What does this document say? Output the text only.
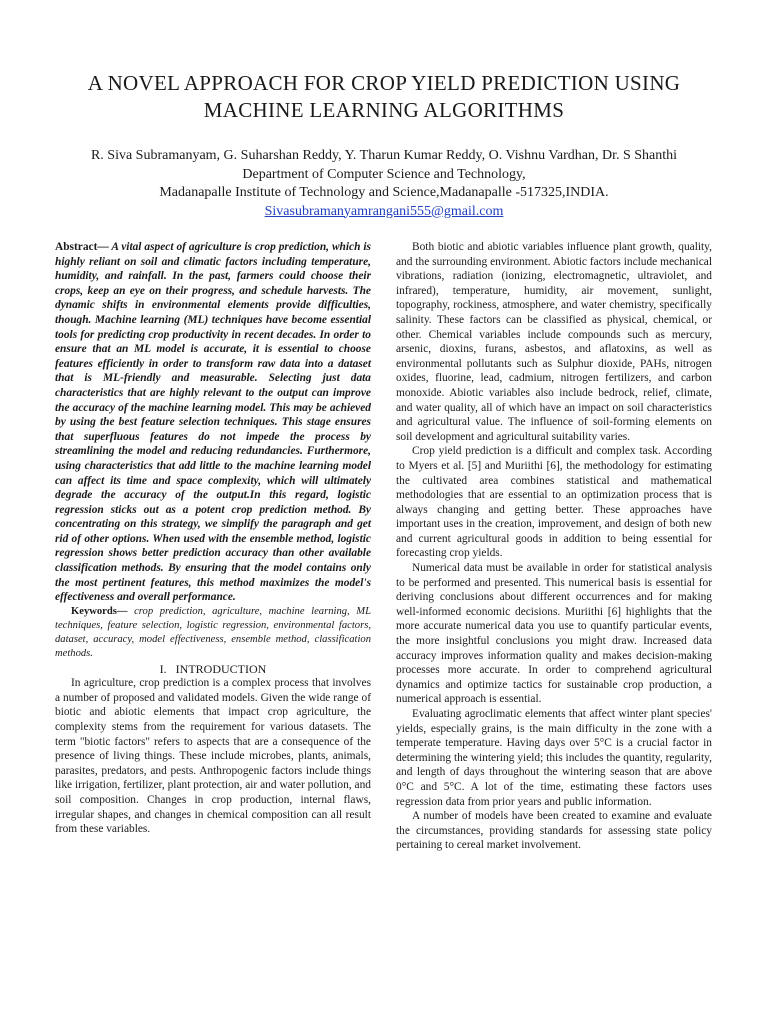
A NOVEL APPROACH FOR CROP YIELD PREDICTION USING MACHINE LEARNING ALGORITHMS
R. Siva Subramanyam, G. Suharshan Reddy, Y. Tharun Kumar Reddy, O. Vishnu Vardhan, Dr. S Shanthi
Department of Computer Science and Technology,
Madanapalle Institute of Technology and Science,Madanapalle -517325,INDIA.
Sivasubramanyamrangani555@gmail.com

Abstract— A vital aspect of agriculture is crop prediction, which is highly reliant on soil and climatic factors including temperature, humidity, and rainfall. In the past, farmers could choose their crops, keep an eye on their progress, and schedule harvests. The dynamic shifts in environmental elements provide difficulties, though. Machine learning (ML) techniques have become essential tools for predicting crop productivity in recent decades. In order to ensure that an ML model is accurate, it is essential to choose features efficiently in order to transform raw data into a dataset that is ML-friendly and measurable. Selecting just data characteristics that are highly relevant to the output can improve the accuracy of the machine learning model. This may be achieved by using the best feature selection techniques. This stage ensures that superfluous features do not impede the process by streamlining the model and reducing redundancies. Furthermore, using characteristics that add little to the machine learning model can affect its time and space complexity, which will ultimately degrade the accuracy of the output.In this regard, logistic regression sticks out as a potent crop prediction method. By concentrating on this strategy, we simplify the paragraph and get rid of other options. When used with the ensemble method, logistic regression shows better prediction accuracy than other available classification methods. By ensuring that the model contains only the most pertinent features, this method maximizes the model's effectiveness and overall performance.

Keywords— crop prediction, agriculture, machine learning, ML techniques, feature selection, logistic regression, environmental factors, dataset, accuracy, model effectiveness, ensemble method, classification methods.

I.   INTRODUCTION

In agriculture, crop prediction is a complex process that involves a number of proposed and validated models. Given the wide range of biotic and abiotic elements that impact crop agriculture, the complexity stems from the requirement for various datasets. The term "biotic factors" refers to aspects that are a consequence of the presence of living things. These include microbes, plants, animals, parasites, predators, and pests. Anthropogenic factors include things like irrigation, fertilizer, plant protection, air and water pollution, and soil composition. Changes in crop production, internal flaws, irregular shapes, and changes in chemical composition can all result from these variables.

Both biotic and abiotic variables influence plant growth, quality, and the surrounding environment. Abiotic factors include mechanical vibrations, radiation (ionizing, electromagnetic, ultraviolet, and infrared), temperature, humidity, air movement, sunlight, topography, rockiness, atmosphere, and water chemistry, specifically salinity. These factors can be classified as physical, chemical, or other. Chemical variables include compounds such as mercury, arsenic, dioxins, furans, asbestos, and aflatoxins, as well as environmental pollutants such as Sulphur dioxide, PAHs, nitrogen oxides, fluorine, lead, cadmium, nitrogen fertilizers, and carbon monoxide. Abiotic variables also include bedrock, relief, climate, and water quality, all of which have an impact on soil characteristics and agricultural value. The influence of soil-forming elements on soil development and agricultural suitability varies.

Crop yield prediction is a difficult and complex task. According to Myers et al. [5] and Muriithi [6], the methodology for estimating the cultivated area combines statistical and mathematical methodologies that are essential to an optimization process that is always changing and getting better. These approaches have important uses in the creation, improvement, and design of both new and current agricultural goods in addition to being essential for forecasting crop yields.

Numerical data must be available in order for statistical analysis to be performed and presented. This numerical basis is essential for deriving conclusions about different occurrences and for making well-informed economic decisions. Muriithi [6] highlights that the more accurate numerical data you use to quantify particular events, the more insightful conclusions you might draw. Increased data accuracy improves information quality and makes decision-making processes more accurate. In order to comprehend agricultural dynamics and optimize tactics for sustainable crop production, a numerical approach is essential.

Evaluating agroclimatic elements that affect winter plant species' yields, especially grains, is the main difficulty in the zone with a temperate temperature. Having days over 5°C is a crucial factor in determining the wintering yield; this includes the quantity, regularity, and length of days throughout the wintering season that are above 0°C and 5°C. A lot of the time, estimating these factors uses regression data from prior years and public information.

A number of models have been created to examine and evaluate the circumstances, providing standards for assessing state policy pertaining to cereal market involvement.
